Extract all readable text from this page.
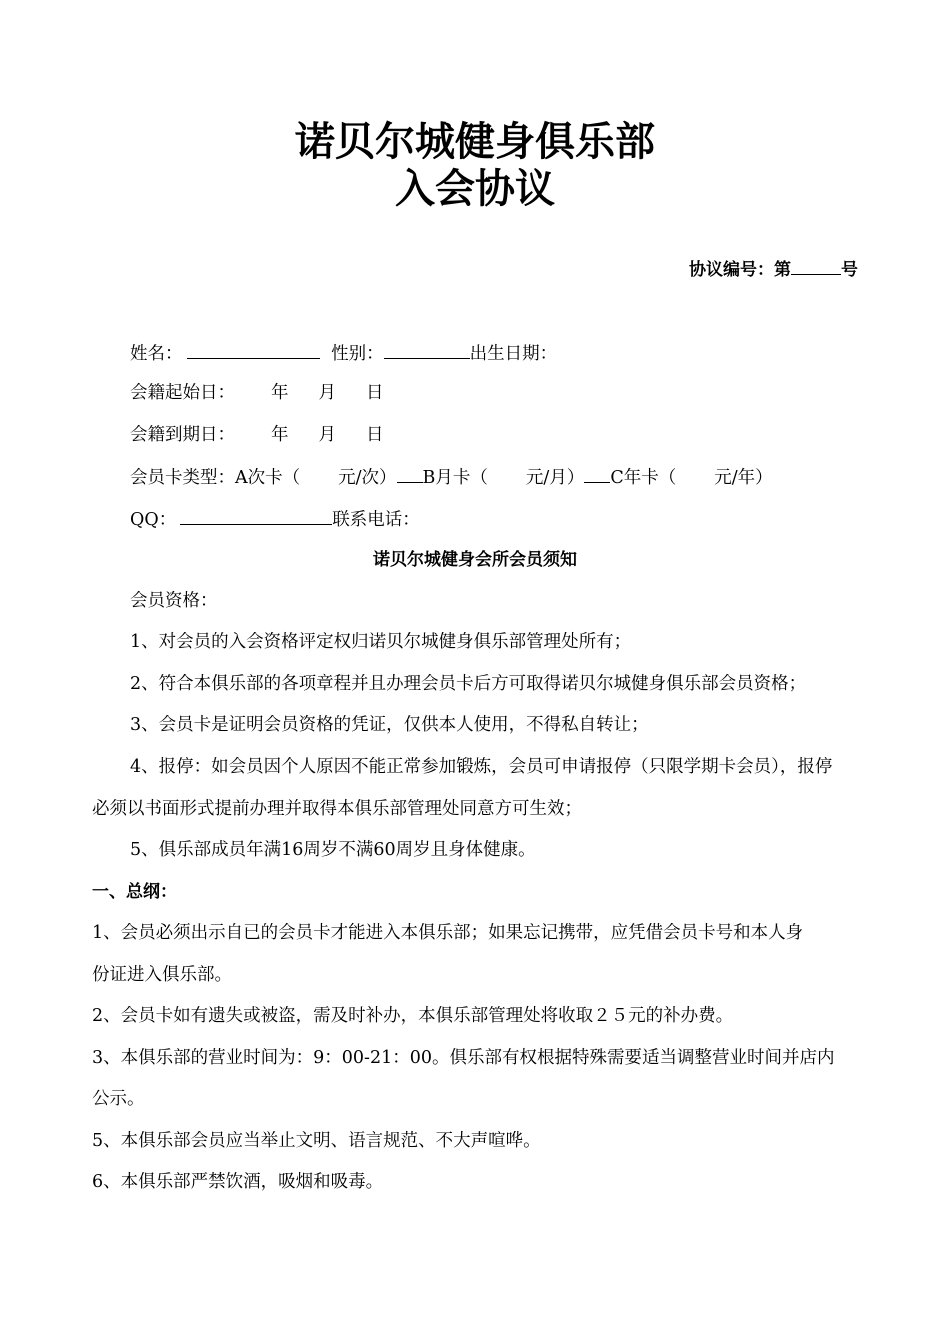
诺贝尔城健身俱乐部
入会协议
协议编号：第	号
姓名：	性别：	出生日期：
会籍起始日： 年 月 日
会籍到期日： 年 月 日
会员卡类型：A次卡（ 元/次） B月卡（ 元/月） C年卡（ 元/年）
QQ：	联系电话：
诺贝尔城健身会所会员须知
会员资格：
1、对会员的入会资格评定权归诺贝尔城健身俱乐部管理处所有；
2、符合本俱乐部的各项章程并且办理会员卡后方可取得诺贝尔城健身俱乐部会员资格；
3、会员卡是证明会员资格的凭证，仅供本人使用，不得私自转让；
4、报停：如会员因个人原因不能正常参加锻炼，会员可申请报停（只限学期卡会员），报停
必须以书面形式提前办理并取得本俱乐部管理处同意方可生效；
5、俱乐部成员年满16周岁不满60周岁且身体健康。
一、总纲：
1、会员必须出示自已的会员卡才能进入本俱乐部；如果忘记携带，应凭借会员卡号和本人身
份证进入俱乐部。
2、会员卡如有遗失或被盗，需及时补办，本俱乐部管理处将收取２５元的补办费。
3、本俱乐部的营业时间为：9：00-21：00。俱乐部有权根据特殊需要适当调整营业时间并店内
公示。
5、本俱乐部会员应当举止文明、语言规范、不大声喧哗。
6、本俱乐部严禁饮酒，吸烟和吸毒。
